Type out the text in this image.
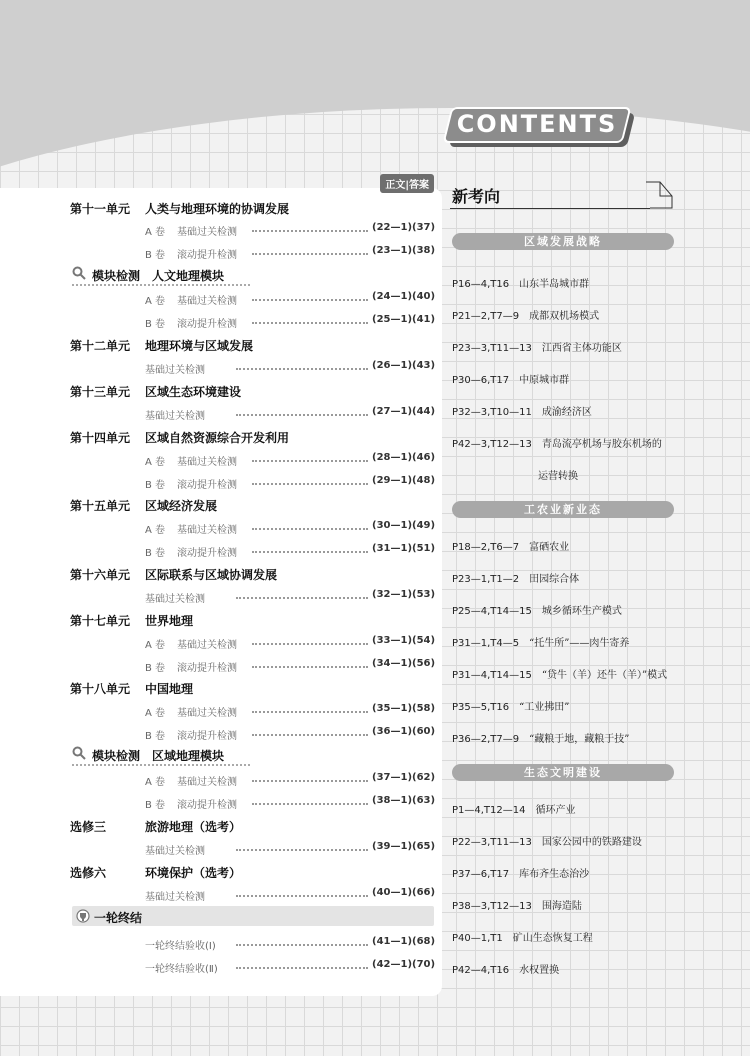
CONTENTS
正文|答案
第十一单元 人类与地理环境的协调发展
A 卷 基础过关检测	(22—1)(37)
B 卷 滚动提升检测	(23—1)(38)
模块检测　人文地理模块
A 卷 基础过关检测	(24—1)(40)
B 卷 滚动提升检测	(25—1)(41)
第十二单元 地理环境与区域发展
基础过关检测	(26—1)(43)
第十三单元 区域生态环境建设
基础过关检测	(27—1)(44)
第十四单元 区域自然资源综合开发利用
A 卷 基础过关检测	(28—1)(46)
B 卷 滚动提升检测	(29—1)(48)
第十五单元 区域经济发展
A 卷 基础过关检测	(30—1)(49)
B 卷 滚动提升检测	(31—1)(51)
第十六单元 区际联系与区域协调发展
基础过关检测	(32—1)(53)
第十七单元 世界地理
A 卷 基础过关检测	(33—1)(54)
B 卷 滚动提升检测	(34—1)(56)
第十八单元 中国地理
A 卷 基础过关检测	(35—1)(58)
B 卷 滚动提升检测	(36—1)(60)
模块检测　区域地理模块
A 卷 基础过关检测	(37—1)(62)
B 卷 滚动提升检测	(38—1)(63)
选修三	旅游地理（选考）
基础过关检测	(39—1)(65)
选修六	环境保护（选考）
基础过关检测	(40—1)(66)
一轮终结
一轮终结验收(Ⅰ)	(41—1)(68)
一轮终结验收(Ⅱ)	(42—1)(70)
新考向
区域发展战略
P16—4,T16 山东半岛城市群
P21—2,T7—9 成都双机场模式
P23—3,T11—13 江西省主体功能区
P30—6,T17 中原城市群
P32—3,T10—11 成渝经济区
P42—3,T12—13 青岛流亭机场与胶东机场的
运营转换
工农业新业态
P18—2,T6—7 富硒农业
P23—1,T1—2 田园综合体
P25—4,T14—15 城乡循环生产模式
P31—1,T4—5 “托牛所”——肉牛寄养
P31—4,T14—15 “贷牛（羊）还牛（羊）”模式
P35—5,T16 “工业拂田”
P36—2,T7—9 “藏粮于地，藏粮于技”
生态文明建设
P1—4,T12—14 循环产业
P22—3,T11—13 国家公园中的铁路建设
P37—6,T17 库布齐生态治沙
P38—3,T12—13 围海造陆
P40—1,T1 矿山生态恢复工程
P42—4,T16 水权置换
